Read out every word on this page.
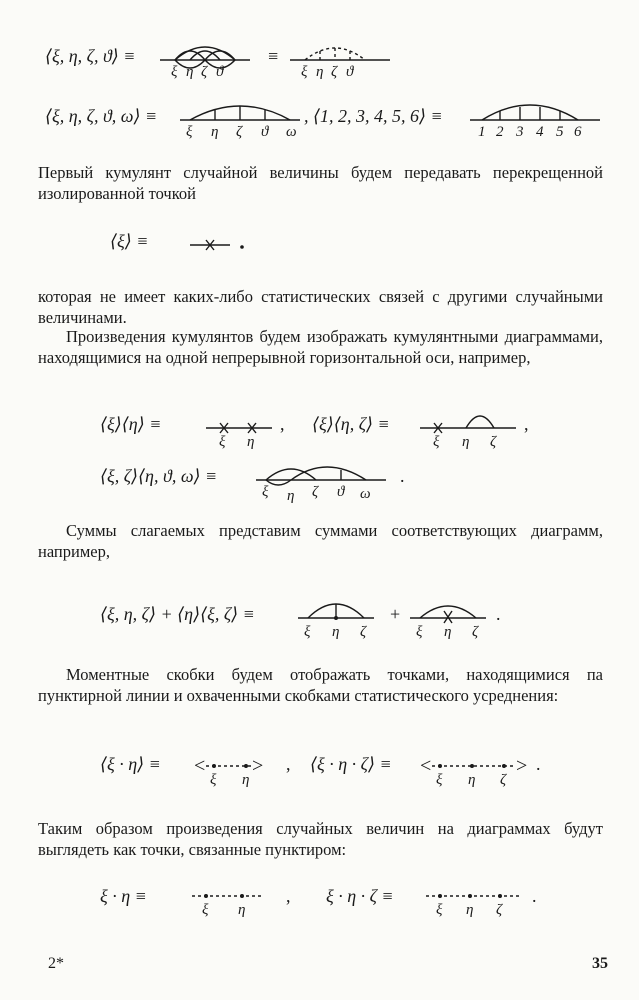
⟨ξ, η, ζ, ϑ⟩ ≡
ξ η ζ ϑ
≡
ξ η ζ ϑ
⟨ξ, η, ζ, ϑ, ω⟩ ≡
ξ η ζ ϑ ω
, ⟨1, 2, 3, 4, 5, 6⟩ ≡
1 2 3 4 5 6

Первый кумулянт случайной величины будем передавать перекрещенной изолированной точкой

⟨ξ⟩ ≡

которая не имеет каких-либо статистических связей с другими случайными величинами.

Произведения кумулянтов будем изображать кумулянтными диаграммами, находящимися на одной непрерывной горизонтальной оси, например,

⟨ξ⟩⟨η⟩ ≡
ξ η
, ⟨ξ⟩⟨η, ζ⟩ ≡
ξ η ζ
,
⟨ξ, ζ⟩⟨η, ϑ, ω⟩ ≡
ξ η ζ ϑ ω
.

Суммы слагаемых представим суммами соответствующих диаграмм, например,

⟨ξ, η, ζ⟩ + ⟨η⟩⟨ξ, ζ⟩ ≡
ξ η ζ
+
ξ η ζ
.

Моментные скобки будем отображать точками, находящимися па пунктирной линии и охваченными скобками статистического усреднения:

⟨ξ · η⟩ ≡ <
ξ η
> , ⟨ξ · η · ζ⟩ ≡ <
ξ η ζ
> .

Таким образом произведения случайных величин на диаграммах будут выглядеть как точки, связанные пунктиром:

ξ · η ≡
ξ η
, ξ · η · ζ ≡
ξ η ζ
.
2*	35
